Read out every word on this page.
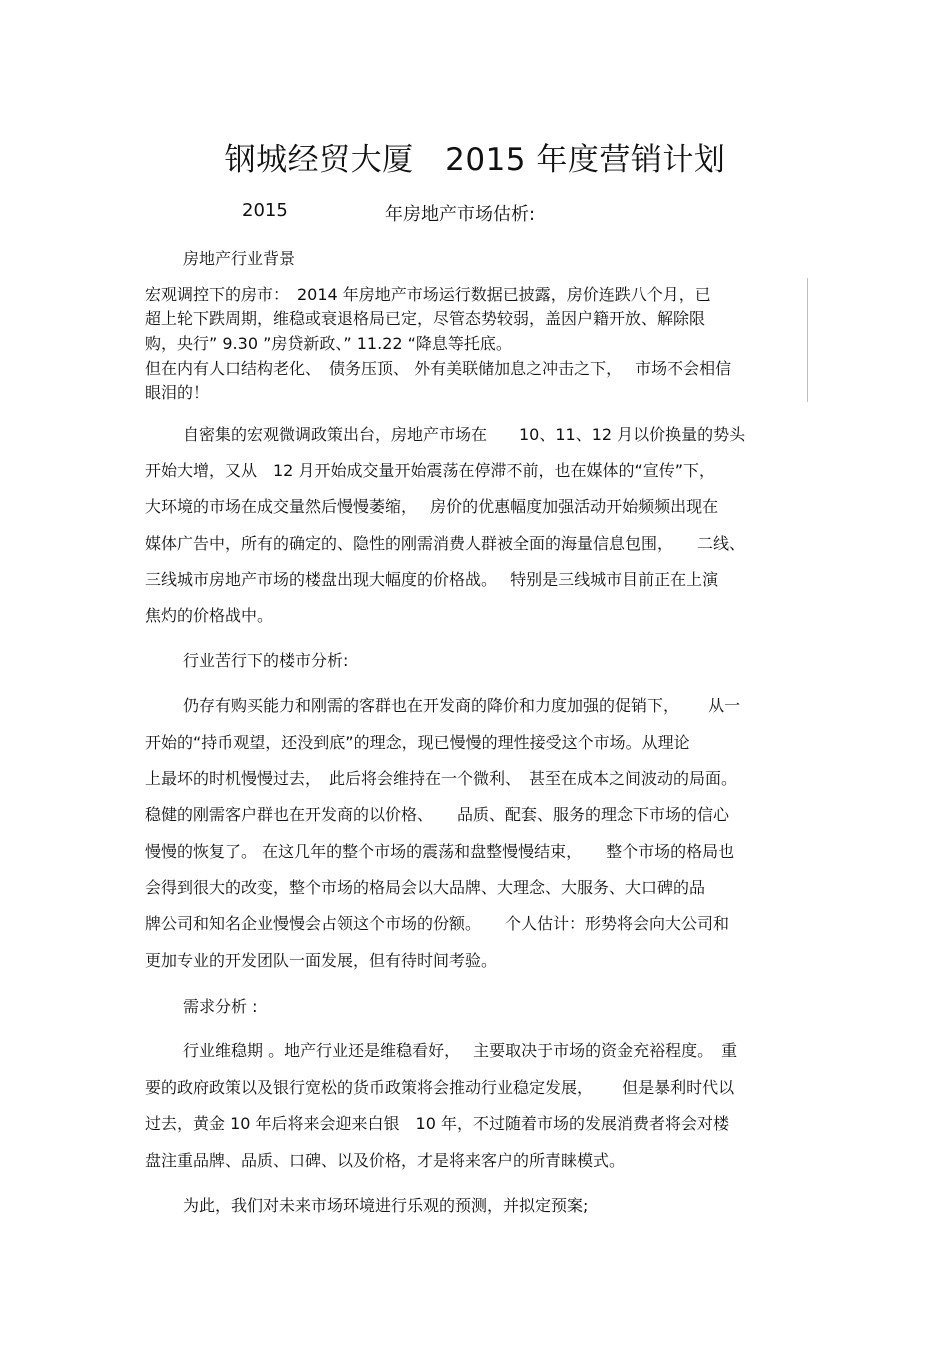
钢城经贸大厦　2015 年度营销计划
2015	年房地产市场估析:
房地产行业背景
宏观调控下的房市：　2014 年房地产市场运行数据已披露，房价连跌八个月，已
超上轮下跌周期，维稳或衰退格局已定，尽管态势较弱，盖因户籍开放、解除限
购，央行” 9.30 ”房贷新政、” 11.22 “降息等托底。
但在内有人口结构老化、　债务压顶、 外有美联储加息之冲击之下，　 市场不会相信
眼泪的！
自密集的宏观微调政策出台，房地产市场在　　10、11、12 月以价换量的势头
开始大增，又从　12 月开始成交量开始震荡在停滞不前，也在媒体的“宣传”下，
大环境的市场在成交量然后慢慢萎缩，　 房价的优惠幅度加强活动开始频频出现在
媒体广告中，所有的确定的、隐性的刚需消费人群被全面的海量信息包围，　　二线、
三线城市房地产市场的楼盘出现大幅度的价格战。　 特别是三线城市目前正在上演
焦灼的价格战中。
行业苦行下的楼市分析:
仍存有购买能力和刚需的客群也在开发商的降价和力度加强的促销下，　　 从一
开始的“持币观望，还没到底”的理念，现已慢慢的理性接受这个市场。从理论
上最坏的时机慢慢过去，　此后将会维持在一个微利、　甚至在成本之间波动的局面。
稳健的刚需客户群也在开发商的以价格、　　品质、配套、服务的理念下市场的信心
慢慢的恢复了。 在这几年的整个市场的震荡和盘整慢慢结束，　　整个市场的格局也
会得到很大的改变，整个市场的格局会以大品牌、大理念、大服务、大口碑的品
牌公司和知名企业慢慢会占领这个市场的份额。　　个人估计：形势将会向大公司和
更加专业的开发团队一面发展，但有待时间考验。
需求分析 :
行业维稳期 。地产行业还是维稳看好，　 主要取决于市场的资金充裕程度。　重
要的政府政策以及银行宽松的货币政策将会推动行业稳定发展，　　 但是暴利时代以
过去，黄金 10 年后将来会迎来白银　10 年，不过随着市场的发展消费者将会对楼
盘注重品牌、品质、口碑、以及价格，才是将来客户的所青睐模式。
为此，我们对未来市场环境进行乐观的预测，并拟定预案;
